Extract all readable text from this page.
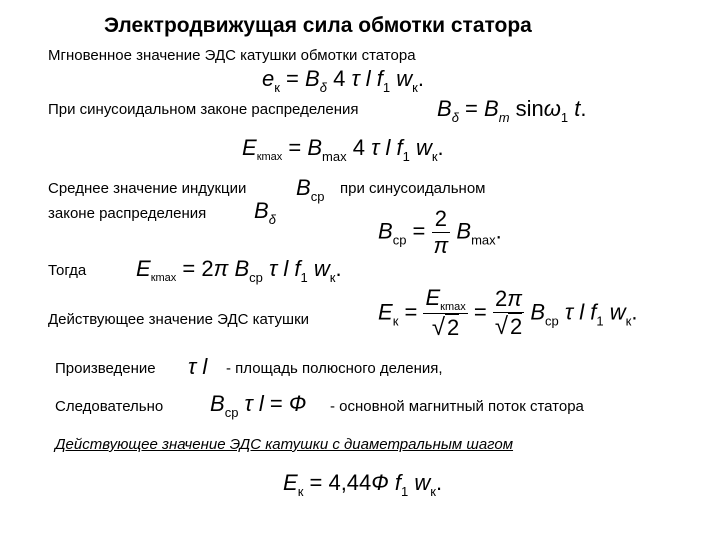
Электродвижущая сила обмотки статора
Мгновенное значение ЭДС катушки обмотки статора
$e_к = B_\delta$ 4 τ l $f_1$ $w_к$.
При синусоидальном законе распределения	$B_\delta = B_m$ sinω$_1$ t.
$E_{кmax} = B_{max}$ 4 τ l $f_1$ $w_к$.
Среднее значение индукции $B_{ср}$ при синусоидальном
законе распределения $B_\delta$	$B_{ср} = \frac{2}{\pi} B_{max}$.
Тогда $E_{кmax} = 2\pi$ $B_{ср}$ τ l $f_1$ $w_к$.
Действующее значение ЭДС катушки	$E_к = \frac{E_{кmax}}{√2} = \frac{2\pi}{√2} B_{ср}$ τ l $f_1$ $w_к$.
Произведение τ l - площадь полюсного деления,
Следовательно $B_{ср}$ τ l = Ф - основной магнитный поток статора
Действующее значение ЭДС катушки с диаметральным шагом
$E_к = 4,44Ф$ $f_1$ $w_к$.
